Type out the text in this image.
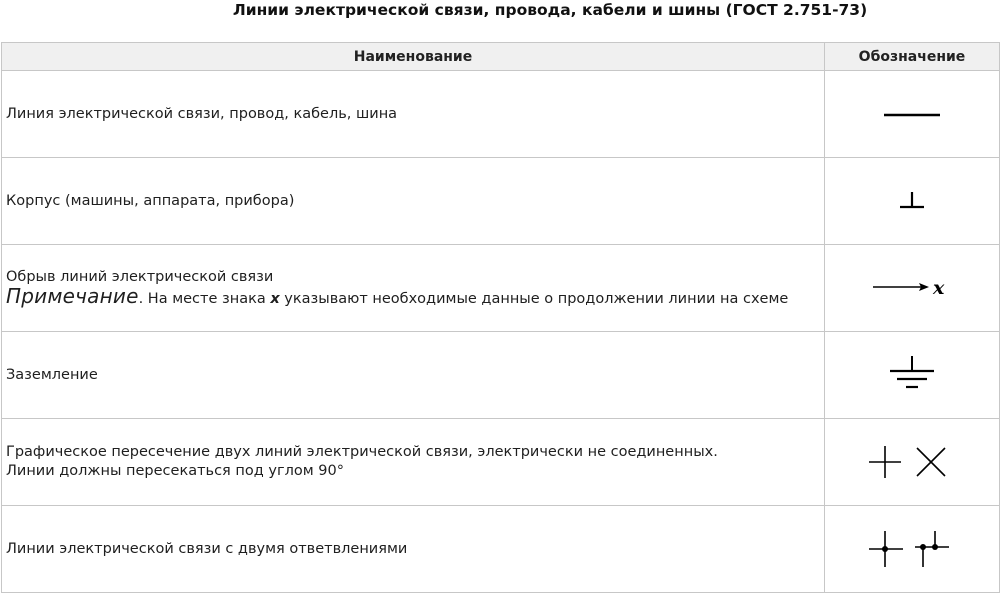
Линии электрической связи, провода, кабели и шины (ГОСТ 2.751-73)
Наименование	Обозначение
Линия электрической связи, провод, кабель, шина	

Корпус (машины, аппарата, прибора)	

Обрыв линий электрической связи
Примечание. На месте знака x указывают необходимые данные о продолжении линии на схеме	x

Заземление	

Графическое пересечение двух линий электрической связи, электрически не соединенных.
Линии должны пересекаться под углом 90°

Линии электрической связи с двумя ответвлениями	
